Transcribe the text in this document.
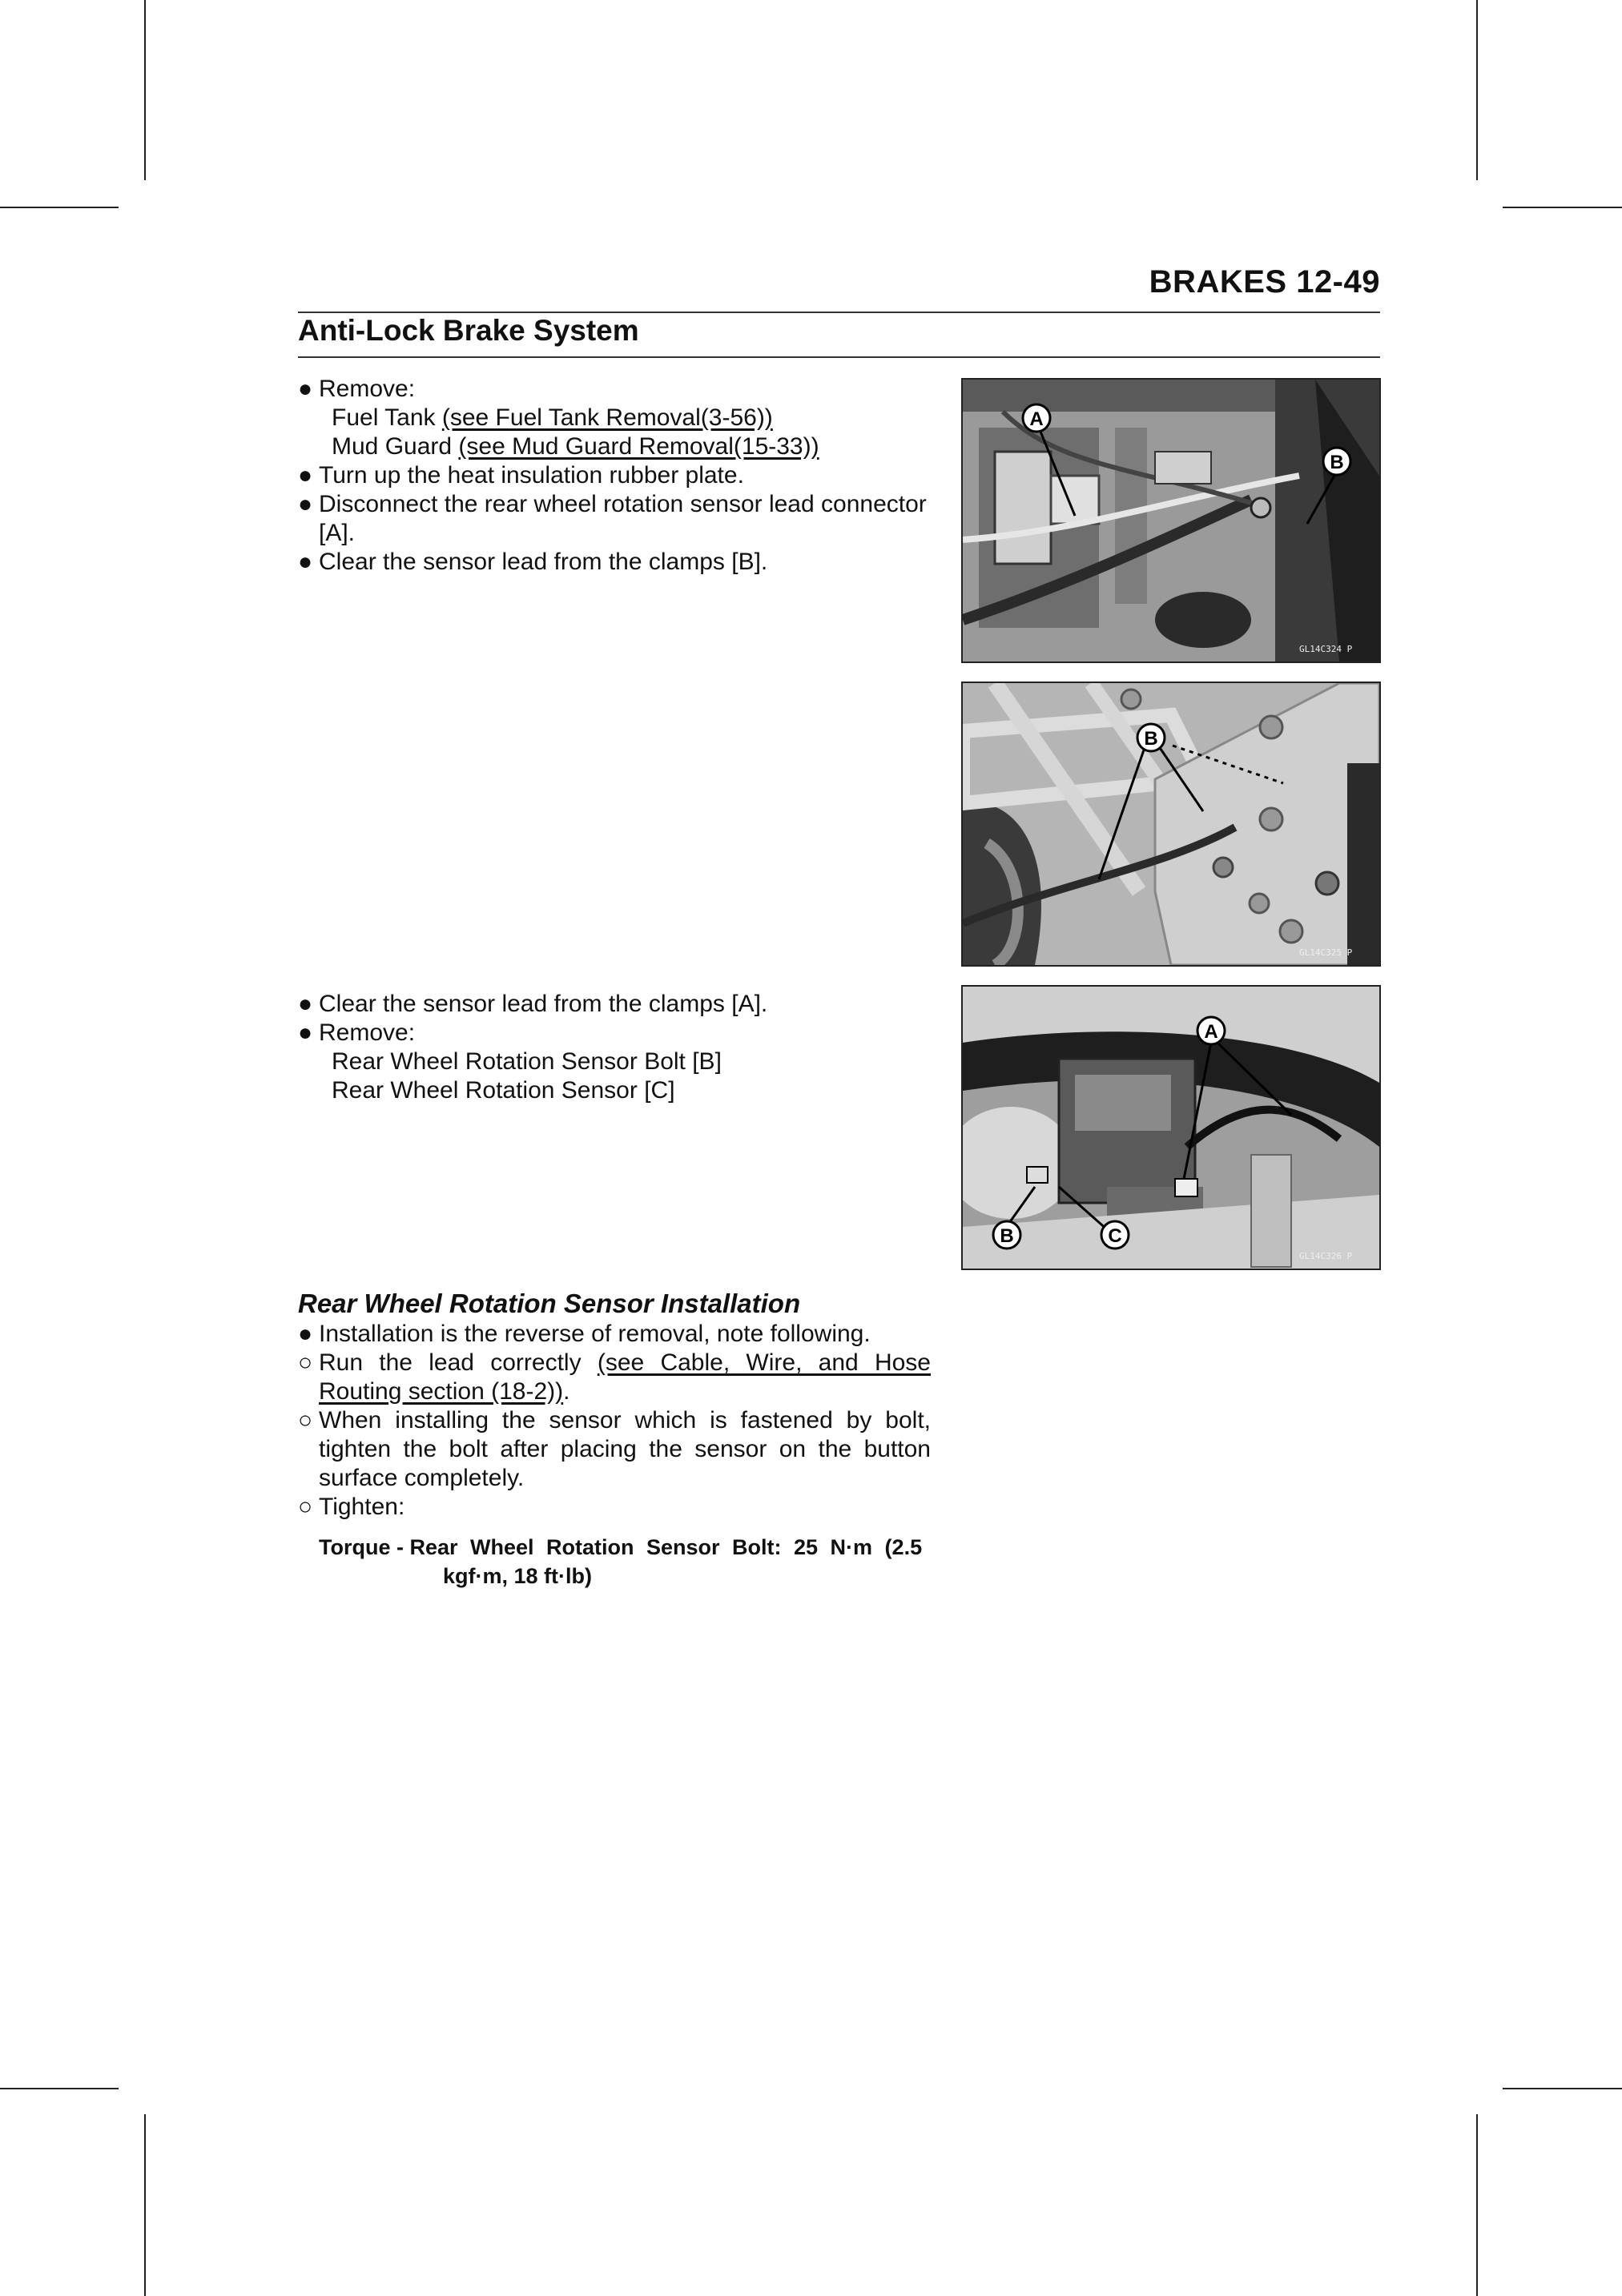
BRAKES 12-49
Anti-Lock Brake System

● Remove:

Fuel Tank (see Fuel Tank Removal(3-56))

Mud Guard (see Mud Guard Removal(15-33))

● Turn up the heat insulation rubber plate.

● Disconnect the rear wheel rotation sensor lead connector [A].

● Clear the sensor lead from the clamps [B].

● Clear the sensor lead from the clamps [A].

● Remove:

Rear Wheel Rotation Sensor Bolt [B]

Rear Wheel Rotation Sensor [C]

Rear Wheel Rotation Sensor Installation

● Installation is the reverse of removal, note following.

○ Run the lead correctly (see Cable, Wire, and Hose Routing section (18-2)).

○ When installing the sensor which is fastened by bolt, tighten the bolt after placing the sensor on the button surface completely.

○ Tighten:

Torque - Rear Wheel Rotation Sensor Bolt: 25 N·m (2.5
kgf·m, 18 ft·lb)
A
B
GL14C324 P
B
GL14C325 P
A
B	C
GL14C326 P
